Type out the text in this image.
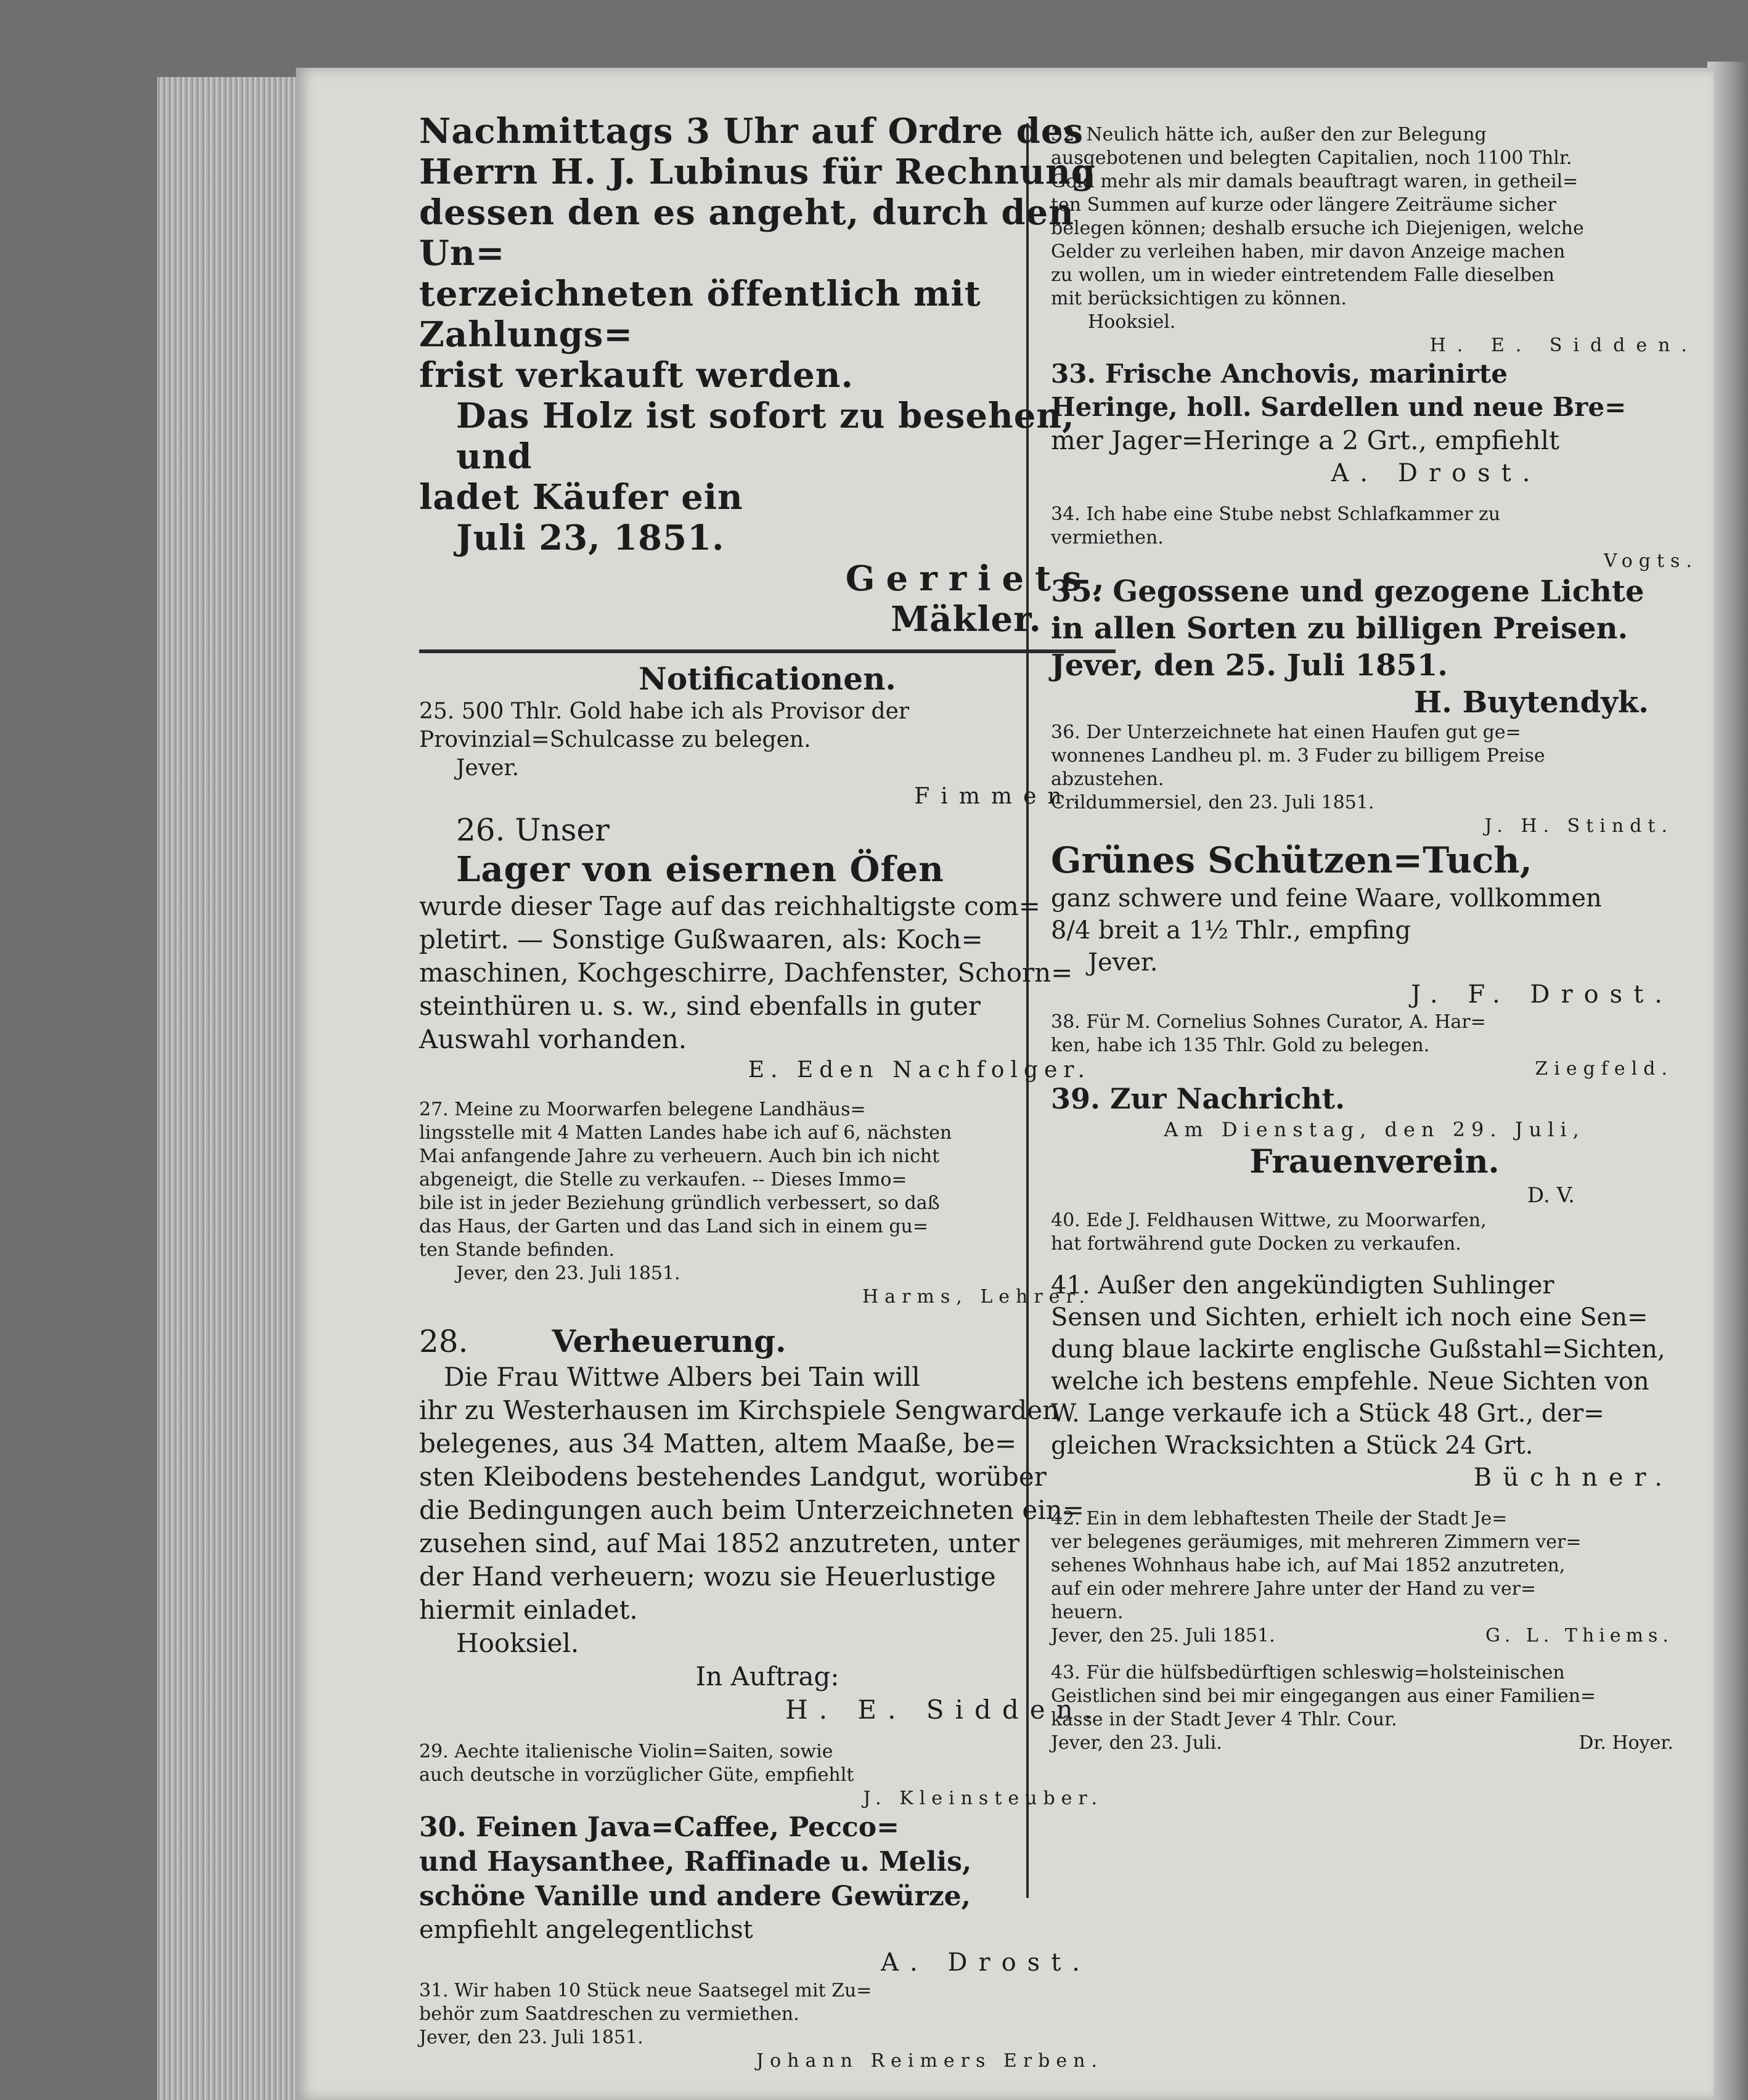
Nachmittags 3 Uhr auf Ordre des

Herrn H. J. Lubinus für Rechnung

dessen den es angeht, durch den Un=

terzeichneten öffentlich mit Zahlungs=

frist verkauft werden.

Das Holz ist sofort zu besehen, und

ladet Käufer ein

Juli 23, 1851.

Gerriets,

Mäkler.

Notificationen.

25. 500 Thlr. Gold habe ich als Provisor der

Provinzial=Schulcasse zu belegen.

Jever.

Fimmen.

26. Unser

Lager von eisernen Öfen

wurde dieser Tage auf das reichhaltigste com=

pletirt. — Sonstige Gußwaaren, als: Koch=

maschinen, Kochgeschirre, Dachfenster, Schorn=

steinthüren u. s. w., sind ebenfalls in guter

Auswahl vorhanden.

E. Eden Nachfolger.

27. Meine zu Moorwarfen belegene Landhäus=

lingsstelle mit 4 Matten Landes habe ich auf 6, nächsten

Mai anfangende Jahre zu verheuern. Auch bin ich nicht

abgeneigt, die Stelle zu verkaufen. -- Dieses Immo=

bile ist in jeder Beziehung gründlich verbessert, so daß

das Haus, der Garten und das Land sich in einem gu=

ten Stande befinden.

Jever, den 23. Juli 1851.

Harms, Lehrer.

28.	Verheuerung.

Die Frau Wittwe Albers bei Tain will

ihr zu Westerhausen im Kirchspiele Sengwarden

belegenes, aus 34 Matten, altem Maaße, be=

sten Kleibodens bestehendes Landgut, worüber

die Bedingungen auch beim Unterzeichneten ein=

zusehen sind, auf Mai 1852 anzutreten, unter

der Hand verheuern; wozu sie Heuerlustige

hiermit einladet.

Hooksiel.

In Auftrag:

H. E. Sidden.

29. Aechte italienische Violin=Saiten, sowie

auch deutsche in vorzüglicher Güte, empfiehlt

J. Kleinsteuber.

30. Feinen Java=Caffee, Pecco=

und Haysanthee, Raffinade u. Melis,

schöne Vanille und andere Gewürze,

empfiehlt angelegentlichst

A. Drost.

31. Wir haben 10 Stück neue Saatsegel mit Zu=

behör zum Saatdreschen zu vermiethen.

Jever, den 23. Juli 1851.

Johann Reimers Erben.

32. Neulich hätte ich, außer den zur Belegung

ausgebotenen und belegten Capitalien, noch 1100 Thlr.

Gold mehr als mir damals beauftragt waren, in getheil=

ten Summen auf kurze oder längere Zeiträume sicher

belegen können; deshalb ersuche ich Diejenigen, welche

Gelder zu verleihen haben, mir davon Anzeige machen

zu wollen, um in wieder eintretendem Falle dieselben

mit berücksichtigen zu können.

Hooksiel.

H. E. Sidden.

33. Frische Anchovis, marinirte

Heringe, holl. Sardellen und neue Bre=

mer Jager=Heringe a 2 Grt., empfiehlt

A. Drost.

34. Ich habe eine Stube nebst Schlafkammer zu

vermiethen.

Vogts.

35. Gegossene und gezogene Lichte

in allen Sorten zu billigen Preisen.

Jever, den 25. Juli 1851.

H. Buytendyk.

36. Der Unterzeichnete hat einen Haufen gut ge=

wonnenes Landheu pl. m. 3 Fuder zu billigem Preise

abzustehen.

Crildummersiel, den 23. Juli 1851.

J. H. Stindt.

Grünes Schützen=Tuch,

ganz schwere und feine Waare, vollkommen

8/4 breit a 1½ Thlr., empfing

Jever.

J. F. Drost.

38. Für M. Cornelius Sohnes Curator, A. Har=

ken, habe ich 135 Thlr. Gold zu belegen.

Ziegfeld.

39. Zur Nachricht.

Am Dienstag, den 29. Juli,

Frauenverein.

D. V.

40. Ede J. Feldhausen Wittwe, zu Moorwarfen,

hat fortwährend gute Docken zu verkaufen.

41. Außer den angekündigten Suhlinger

Sensen und Sichten, erhielt ich noch eine Sen=

dung blaue lackirte englische Gußstahl=Sichten,

welche ich bestens empfehle. Neue Sichten von

W. Lange verkaufe ich a Stück 48 Grt., der=

gleichen Wracksichten a Stück 24 Grt.

Büchner.

42. Ein in dem lebhaftesten Theile der Stadt Je=

ver belegenes geräumiges, mit mehreren Zimmern ver=

sehenes Wohnhaus habe ich, auf Mai 1852 anzutreten,

auf ein oder mehrere Jahre unter der Hand zu ver=

heuern.

Jever, den 25. Juli 1851.	G. L. Thiems.

43. Für die hülfsbedürftigen schleswig=holsteinischen

Geistlichen sind bei mir eingegangen aus einer Familien=

kasse in der Stadt Jever 4 Thlr. Cour.

Jever, den 23. Juli.	Dr. Hoyer.
